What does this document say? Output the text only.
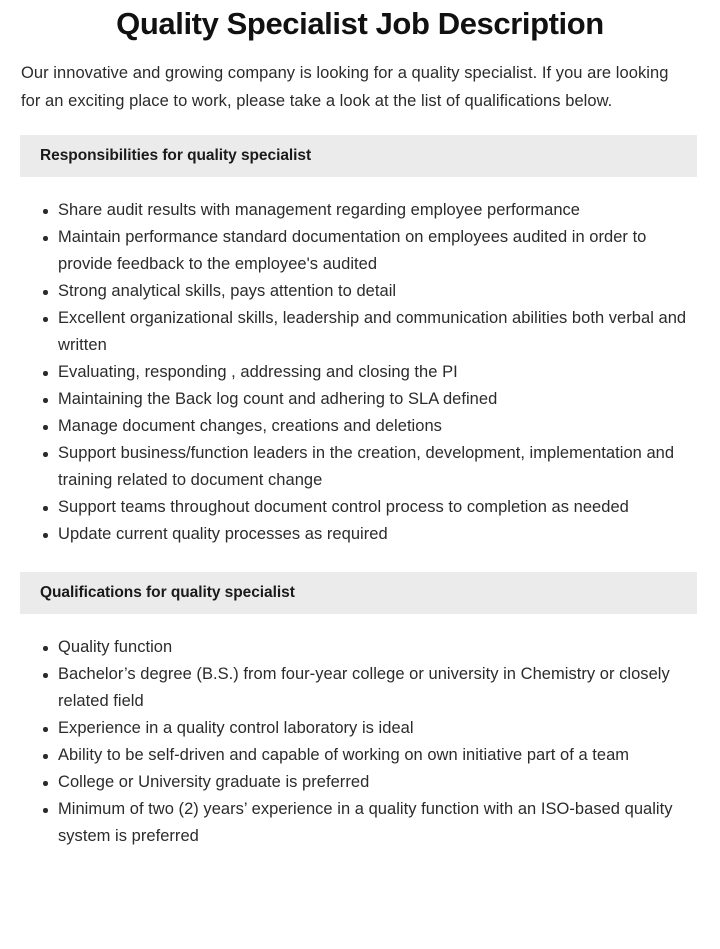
Quality Specialist Job Description

Our innovative and growing company is looking for a quality specialist. If you are looking for an exciting place to work, please take a look at the list of qualifications below.

Responsibilities for quality specialist
Share audit results with management regarding employee performance
Maintain performance standard documentation on employees audited in order to provide feedback to the employee's audited
Strong analytical skills, pays attention to detail
Excellent organizational skills, leadership and communication abilities both verbal and written
Evaluating, responding , addressing and closing the PI
Maintaining the Back log count and adhering to SLA defined
Manage document changes, creations and deletions
Support business/function leaders in the creation, development, implementation and training related to document change
Support teams throughout document control process to completion as needed
Update current quality processes as required
Qualifications for quality specialist
Quality function
Bachelor’s degree (B.S.) from four-year college or university in Chemistry or closely related field
Experience in a quality control laboratory is ideal
Ability to be self-driven and capable of working on own initiative part of a team
College or University graduate is preferred
Minimum of two (2) years’ experience in a quality function with an ISO-based quality system is preferred
